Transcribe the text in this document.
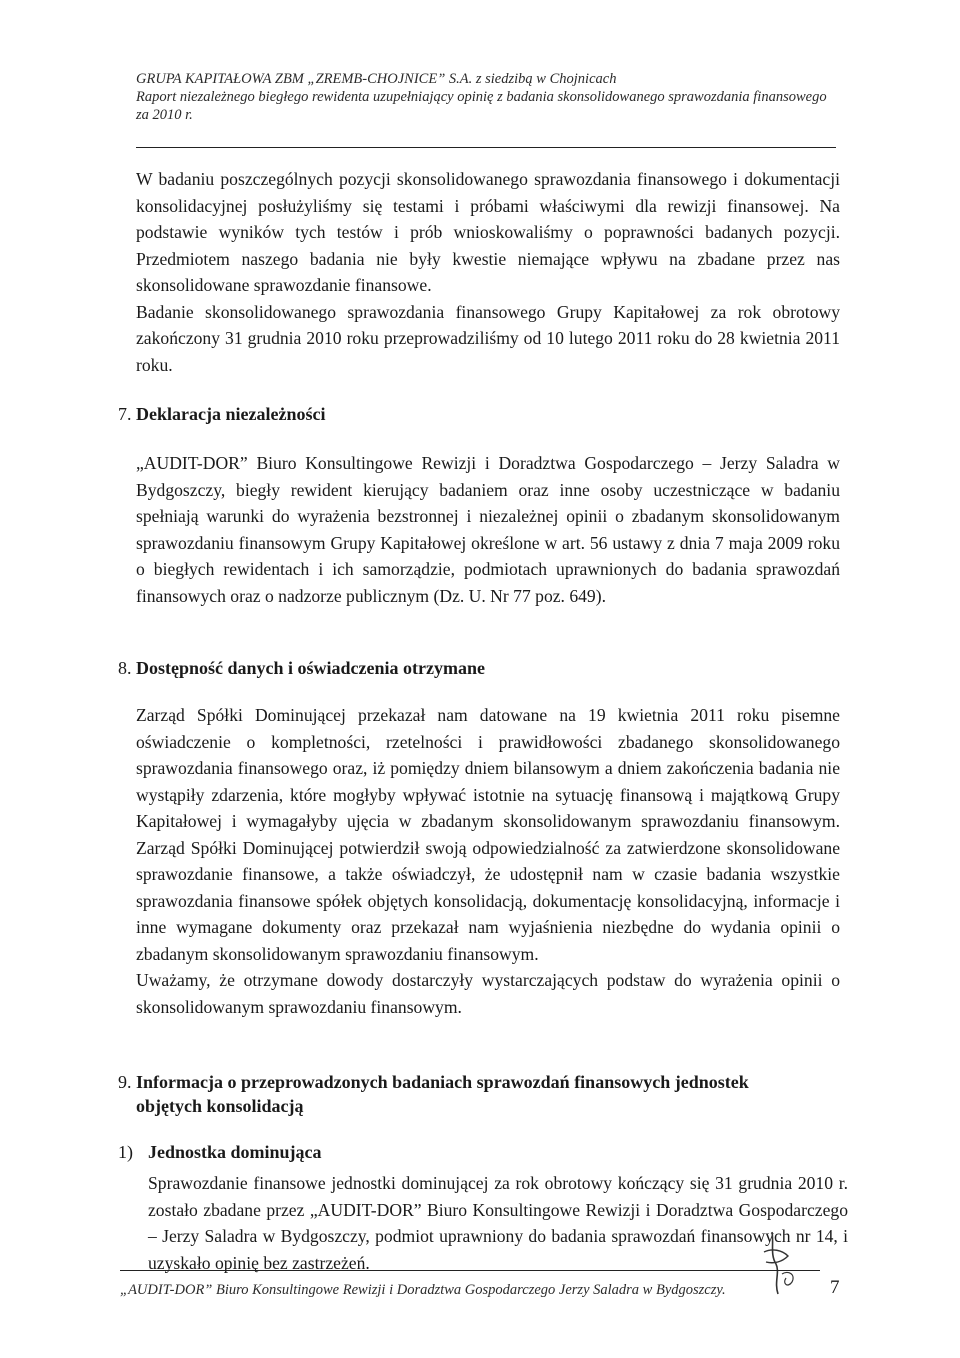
GRUPA KAPITAŁOWA ZBM „ZREMB-CHOJNICE” S.A. z siedzibą w Chojnicach
Raport niezależnego biegłego rewidenta uzupełniający opinię z badania skonsolidowanego sprawozdania finansowego za 2010 r.

W badaniu poszczególnych pozycji skonsolidowanego sprawozdania finansowego i dokumentacji konsolidacyjnej posłużyliśmy się testami i próbami właściwymi dla rewizji finansowej. Na podstawie wyników tych testów i prób wnioskowaliśmy o poprawności badanych pozycji. Przedmiotem naszego badania nie były kwestie niemające wpływu na zbadane przez nas skonsolidowane sprawozdanie finansowe.

Badanie skonsolidowanego sprawozdania finansowego Grupy Kapitałowej za rok obrotowy zakończony 31 grudnia 2010 roku przeprowadziliśmy od 10 lutego 2011 roku do 28 kwietnia 2011 roku.

7. Deklaracja niezależności

„AUDIT-DOR” Biuro Konsultingowe Rewizji i Doradztwa Gospodarczego – Jerzy Saladra w Bydgoszczy, biegły rewident kierujący badaniem oraz inne osoby uczestniczące w badaniu spełniają warunki do wyrażenia bezstronnej i niezależnej opinii o zbadanym skonsolidowanym sprawozdaniu finansowym Grupy Kapitałowej określone w art. 56 ustawy z dnia 7 maja 2009 roku o biegłych rewidentach i ich samorządzie, podmiotach uprawnionych do badania sprawozdań finansowych oraz o nadzorze publicznym (Dz. U. Nr 77 poz. 649).

8. Dostępność danych i oświadczenia otrzymane

Zarząd Spółki Dominującej przekazał nam datowane na 19 kwietnia 2011 roku pisemne oświadczenie o kompletności, rzetelności i prawidłowości zbadanego skonsolidowanego sprawozdania finansowego oraz, iż pomiędzy dniem bilansowym a dniem zakończenia badania nie wystąpiły zdarzenia, które mogłyby wpływać istotnie na sytuację finansową i majątkową Grupy Kapitałowej i wymagałyby ujęcia w zbadanym skonsolidowanym sprawozdaniu finansowym. Zarząd Spółki Dominującej potwierdził swoją odpowiedzialność za zatwierdzone skonsolidowane sprawozdanie finansowe, a także oświadczył, że udostępnił nam w czasie badania wszystkie sprawozdania finansowe spółek objętych konsolidacją, dokumentację konsolidacyjną, informacje i inne wymagane dokumenty oraz przekazał nam wyjaśnienia niezbędne do wydania opinii o zbadanym skonsolidowanym sprawozdaniu finansowym.

Uważamy, że otrzymane dowody dostarczyły wystarczających podstaw do wyrażenia opinii o skonsolidowanym sprawozdaniu finansowym.

9. Informacja o przeprowadzonych badaniach sprawozdań finansowych jednostek
objętych konsolidacją
1) Jednostka dominująca

Sprawozdanie finansowe jednostki dominującej za rok obrotowy kończący się 31 grudnia 2010 r. zostało zbadane przez „AUDIT-DOR” Biuro Konsultingowe Rewizji i Doradztwa Gospodarczego – Jerzy Saladra w Bydgoszczy, podmiot uprawniony do badania sprawozdań finansowych nr 14, i uzyskało opinię bez zastrzeżeń.

„AUDIT-DOR” Biuro Konsultingowe Rewizji i Doradztwa Gospodarczego Jerzy Saladra w Bydgoszczy.	7
